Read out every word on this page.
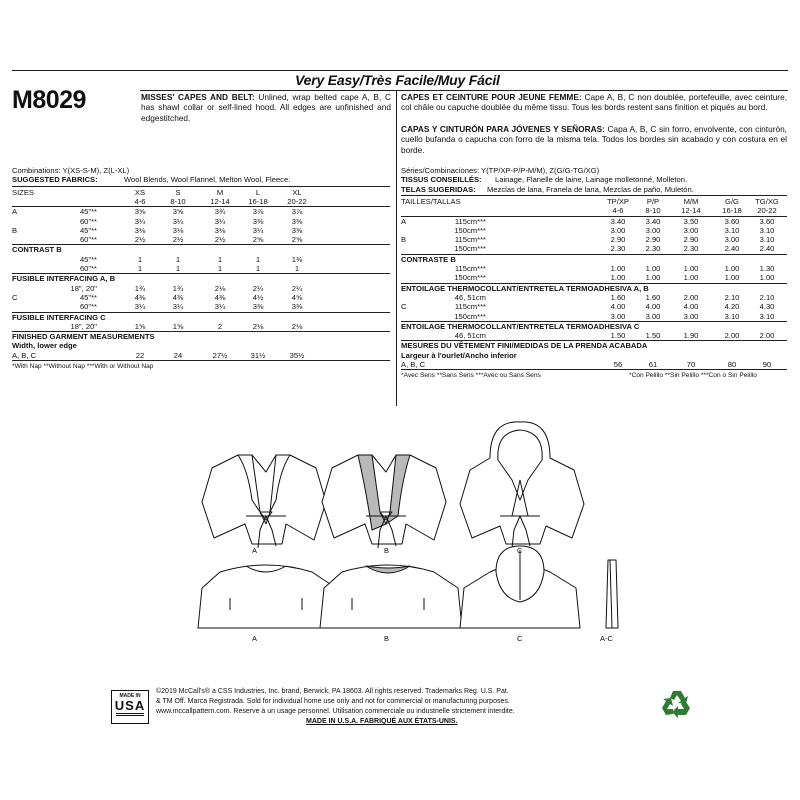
Very Easy/Très Facile/Muy Fácil
M8029	MISSES' CAPES AND BELT: Unlined, wrap belted cape A, B, C has shawl collar or self-lined hood. All edges are unfinished and edgestitched.
CAPES ET CEINTURE POUR JEUNE FEMME: Cape A, B, C non doublée, portefeuille, avec ceinture, col châle ou capuche doublée du même tissu. Tous les bords restent sans finition et piqués au bord.
CAPAS Y CINTURÓN PARA JÓVENES Y SEÑORAS: Capa A, B, C sin forro, envolvente, con cinturón, cuello bufanda o capucha con forro de la misma tela. Todos los bordes sin acabado y con costura en el borde.
Combinations: Y(XS-S-M), Z(L-XL)
SUGGESTED FABRICS:	Wool Blends, Wool Flannel, Melton Wool, Fleece.
SIZES	XS	S	M	L	XL
4-6	8-10	12-14	16-18	20-22
A	45"**	3⅝	3⅝	3¾	3⅞	3⅞
60"**	3¼	3¼	3¼	3⅜	3⅜
B	45"**	3⅛	3⅛	3⅛	3¼	3⅜
60"**	2½	2½	2½	2⅝	2⅝
CONTRAST B
45"**	1	1	1	1	1⅜
60"**	1	1	1	1	1
FUSIBLE INTERFACING A, B
18", 20"	1¾	1¾	2⅛	2¼	2¼
C	45"**	4⅜	4⅜	4⅜	4½	4⅝
60"**	3¼	3¼	3¼	3⅜	3⅜
FUSIBLE INTERFACING C
18", 20"	1⅝	1⅝	2	2⅛	2⅛
FINISHED GARMENT MEASUREMENTS
Width, lower edge
A, B, C	22	24	27½	31½	35½
*With Nap **Without Nap ***With or Without Nap
Séries/Combinaciones: Y(TP/XP-P/P-M/M), Z(G/G-TG/XG)
TISSUS CONSEILLÉS: Lainage, Flanelle de laine, Lainage molletonné, Molleton.
TELAS SUGERIDAS: Mezclas de lana, Franela de lana, Mezclas de paño, Muletón.
TAILLES/TALLAS	TP/XP	P/P	M/M	G/G	TG/XG
4-6	8-10	12-14	16-18	20-22
A	115cm***	3.40	3.40	3.50	3.60	3.60
150cm***	3.00	3.00	3.00	3.10	3.10
B	115cm***	2.90	2.90	2.90	3.00	3.10
150cm***	2.30	2.30	2.30	2.40	2.40
CONTRASTE B
115cm***	1.00	1.00	1.00	1.00	1.30
150cm***	1.00	1.00	1.00	1.00	1.00
ENTOILAGE THERMOCOLLANT/ENTRETELA TERMOADHESIVA A, B
46, 51cm	1.60	1.60	2.00	2.10	2.10
C	115cm***	4.00	4.00	4.00	4.20	4.30
150cm***	3.00	3.00	3.00	3.10	3.10
ENTOILAGE THERMOCOLLANT/ENTRETELA TERMOADHESIVA C
46, 51cm	1.50	1.50	1.90	2.00	2.00
MESURES DU VÊTEMENT FINI/MEDIDAS DE LA PRENDA ACABADA
Largeur à l'ourlet/Ancho inferior
A, B, C	56	61	70	80	90
*Avec Sens **Sans Sens ***Avec ou Sans Sens	*Con Pelillo **Sin Pelillo ***Con o Sin Pelillo
A	B	C
A	B	C	A-C
MADE IN
USA
©2019 McCall's® a CSS Industries, Inc. brand, Berwick, PA 18603. All rights reserved. Trademarks Reg. U.S. Pat.
& TM Off. Marca Registrada. Sold for individual home use only and not for commercial or manufacturing purposes.
www.mccallpattern.com. Reserve à un usage personnel. Utilisation commerciale ou industrielle strictement interdite.
MADE IN U.S.A. FABRIQUÉ AUX ÉTATS-UNIS.
